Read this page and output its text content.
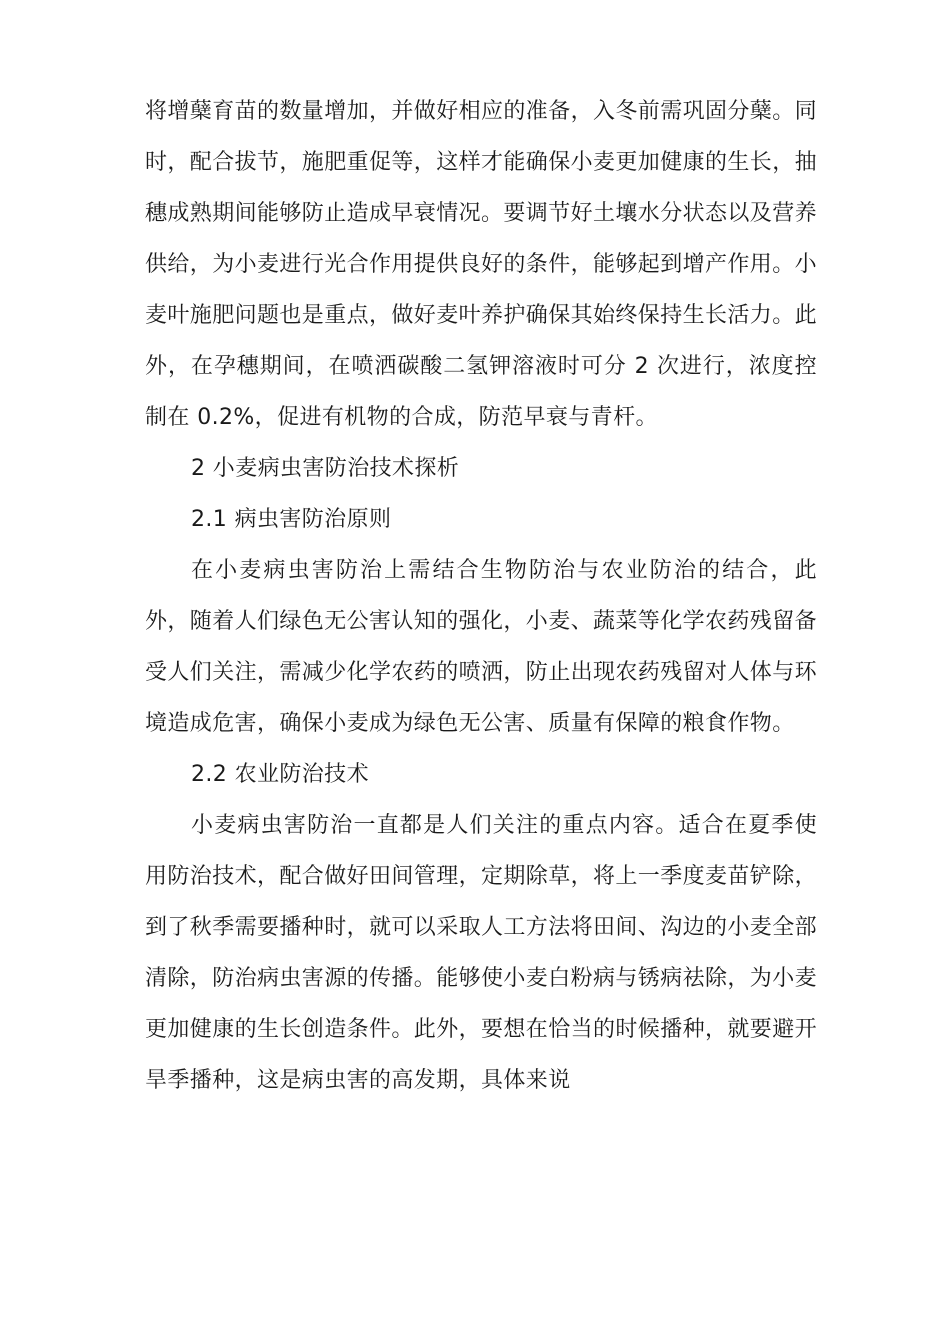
将增蘖育苗的数量增加，并做好相应的准备，入冬前需巩固分蘖。同时，配合拔节，施肥重促等，这样才能确保小麦更加健康的生长，抽穗成熟期间能够防止造成早衰情况。要调节好土壤水分状态以及营养供给，为小麦进行光合作用提供良好的条件，能够起到增产作用。小麦叶施肥问题也是重点，做好麦叶养护确保其始终保持生长活力。此外，在孕穗期间，在喷洒碳酸二氢钾溶液时可分 2 次进行，浓度控制在 0.2%，促进有机物的合成，防范早衰与青杆。

2 小麦病虫害防治技术探析

2.1 病虫害防治原则

在小麦病虫害防治上需结合生物防治与农业防治的结合，此外，随着人们绿色无公害认知的强化，小麦、蔬菜等化学农药残留备受人们关注，需减少化学农药的喷洒，防止出现农药残留对人体与环境造成危害，确保小麦成为绿色无公害、质量有保障的粮食作物。

2.2 农业防治技术

小麦病虫害防治一直都是人们关注的重点内容。适合在夏季使用防治技术，配合做好田间管理，定期除草，将上一季度麦苗铲除，到了秋季需要播种时，就可以采取人工方法将田间、沟边的小麦全部清除，防治病虫害源的传播。能够使小麦白粉病与锈病祛除，为小麦更加健康的生长创造条件。此外，要想在恰当的时候播种，就要避开旱季播种，这是病虫害的高发期，具体来说
